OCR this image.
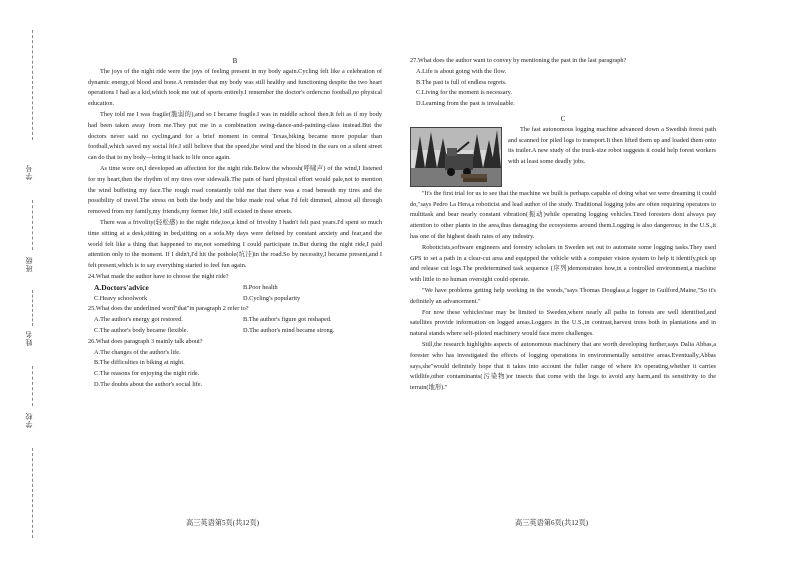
学号
班级
姓名
学校

B

The joys of the night ride were the joys of feeling present in my body again.Cycling felt like a celebration of dynamic energy,of blood and bone.A reminder that my body was still healthy and functioning despite the two heart operations I had as a kid,which took me out of sports entirely.I remember the doctor's orders:no football,no physical education.

They told me I was fragile(脆弱的),and so I became fragile.I was in middle school then.It felt as if my body had been taken away from me.They put me in a combination swing-dance-and-painting-class instead.But the doctors never said no cycling,and for a brief moment in central Texas,biking became more popular than football,which saved my social life.I still believe that the speed,the wind and the blood in the ears on a silent street can do that to my body—bring it back to life once again.

As time wore on,I developed an affection for the night ride.Below the whoosh(呼啸声) of the wind,I listened for my heart,then the rhythm of my tires over sidewalk.The pain of hard physical effort would pale,not to mention the wind buffeting my face.The rough road constantly told me that there was a road beneath my tires and the possibility of travel.The stress on both the body and the bike made real what I'd felt dimmed, almost all through removed from my family,my friends,my former life,I still existed in these streets.

There was a frivolity(轻松感) to the night ride,too,a kind of frivolity I hadn't felt past years.I'd spent so much time sitting at a desk,sitting in bed,sitting on a sofa.My days were defined by constant anxiety and fear,and the world felt like a thing that happened to me,not something I could participate in.But during the night ride,I paid attention only to the moment. If I didn't,I'd hit the pothole(坑洼)in the road.So by necessity,I became present,and I felt present,which is to say everything started to feel fun again.

24.What made the author have to choose the night ride?

A.Doctors'advice	B.Poor health
C.Heavy schoolwork	D.Cycling's popularity

25.What does the underlined word"that"in paragraph 2 refer to?

A.The author's energy got restored.	B.The author's figure got reshaped.
C.The author's body became flexible.	D.The author's mind became strong.

26.What does paragraph 3 mainly talk about?

A.The changes of the author's life.
B.The difficulties in biking at night.
C.The reasons for enjoying the night ride.
D.The doubts about the author's social life.

27.What does the author want to convey by mentioning the past in the last paragraph?

A.Life is about going with the flow.
B.The past is full of endless regrets.
C.Living for the moment is necessary.
D.Learning from the past is invaluable.

C

The fast autonomous logging machine advanced down a Swedish forest path and scanned for piled logs to transport.It then lifted them up and loaded them onto its trailer.A new study of the truck-size robot suggests it could help forest workers with at least some deadly jobs.

"It's the first trial for us to see that the machine we built is perhaps capable of doing what we were dreaming it could do,"says Pedro La Hera,a roboticist and lead author of the study. Traditional logging jobs are often requiring operators to multitask and bear nearly constant vibration(振动)while operating logging vehicles.Tired foresters dont always pay attention to other plants in the area,thus damaging the ecosystems around them.Logging is also dangerous; in the U.S.,it has one of the highest death rates of any industry.

Roboticists,software engineers and forestry scholars in Sweden set out to automate some logging tasks.They used GPS to set a path in a clear-cut area and equipped the vehicle with a computer vision system to help it identify,pick up and release cut logs.The predetermined task sequence (序列)demonstrates how,in a controlled environment,a machine with little to no human oversight could operate.

"We have problems getting help working in the woods,"says Thomas Douglass,a logger in Guilford,Maine,"So it's definitely an advancement."

For now these vehicles'use may be limited to Sweden,where nearly all paths in forests are well identified,and satellites provide information on logged areas.Loggers in the U.S.,in contrast,harvest trees both in plantations and in natural stands where self-piloted machinery would face more challenges.

Still,the research highlights aspects of autonomous machinery that are worth developing further,says Dalia Abbas,a forester who has investigated the effects of logging operations in environmentally sensitive areas.Eventually,Abbas says,she"would definitely hope that it takes into account the fuller range of where it's operating,whether it carries wildlife,other contaminants(污染物)or insects that come with the logs to avoid any harm,and its sensitivity to the terrain(地形)."

高三英语第5页(共12页)	高三英语第6页(共12页)
